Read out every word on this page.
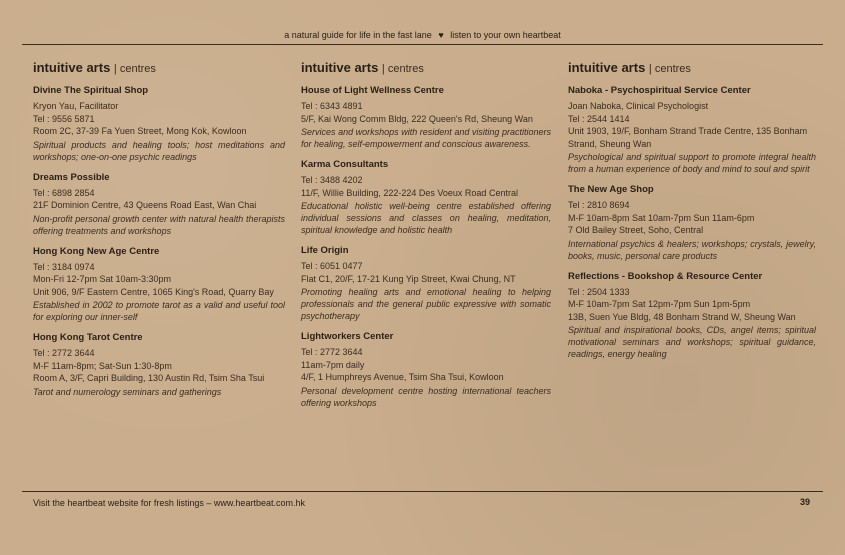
a natural guide for life in the fast lane ♥ listen to your own heartbeat
intuitive arts | centres
Divine The Spiritual Shop
Kryon Yau, Facilitator
Tel : 9556 5871
Room 2C, 37-39 Fa Yuen Street, Mong Kok, Kowloon
Spiritual products and healing tools; host meditations and workshops; one-on-one psychic readings
Dreams Possible
Tel : 6898 2854
21F Dominion Centre, 43 Queens Road East, Wan Chai
Non-profit personal growth center with natural health therapists offering treatments and workshops
Hong Kong New Age Centre
Tel : 3184 0974
Mon-Fri 12-7pm Sat 10am-3:30pm
Unit 906, 9/F Eastern Centre, 1065 King's Road, Quarry Bay
Established in 2002 to promote tarot as a valid and useful tool for exploring our inner-self
Hong Kong Tarot Centre
Tel : 2772 3644
M-F 11am-8pm; Sat-Sun 1:30-8pm
Room A, 3/F, Capri Building, 130 Austin Rd, Tsim Sha Tsui
Tarot and numerology seminars and gatherings
intuitive arts | centres
House of Light Wellness Centre
Tel : 6343 4891
5/F, Kai Wong Comm Bldg, 222 Queen's Rd, Sheung Wan
Services and workshops with resident and visiting practitioners for healing, self-empowerment and conscious awareness.
Karma Consultants
Tel : 3488 4202
11/F, Willie Building, 222-224 Des Voeux Road Central
Educational holistic well-being centre established offering individual sessions and classes on healing, meditation, spiritual knowledge and holistic health
Life Origin
Tel : 6051 0477
Flat C1, 20/F, 17-21 Kung Yip Street, Kwai Chung, NT
Promoting healing arts and emotional healing to helping professionals and the general public expressive with somatic psychotherapy
Lightworkers Center
Tel : 2772 3644
11am-7pm daily
4/F, 1 Humphreys Avenue, Tsim Sha Tsui, Kowloon
Personal development centre hosting international teachers offering workshops
intuitive arts | centres
Naboka - Psychospiritual Service Center
Joan Naboka, Clinical Psychologist
Tel : 2544 1414
Unit 1903, 19/F, Bonham Strand Trade Centre, 135 Bonham Strand, Sheung Wan
Psychological and spiritual support to promote integral health from a human experience of body and mind to soul and spirit
The New Age Shop
Tel : 2810 8694
M-F 10am-8pm Sat 10am-7pm Sun 11am-6pm
7 Old Bailey Street, Soho, Central
International psychics & healers; workshops; crystals, jewelry, books, music, personal care products
Reflections - Bookshop & Resource Center
Tel : 2504 1333
M-F 10am-7pm Sat 12pm-7pm Sun 1pm-5pm
13B, Suen Yue Bldg, 48 Bonham Strand W, Sheung Wan
Spiritual and inspirational books, CDs, angel items; spiritual motivational seminars and workshops; spiritual guidance, readings, energy healing
Visit the heartbeat website for fresh listings – www.heartbeat.com.hk	39
